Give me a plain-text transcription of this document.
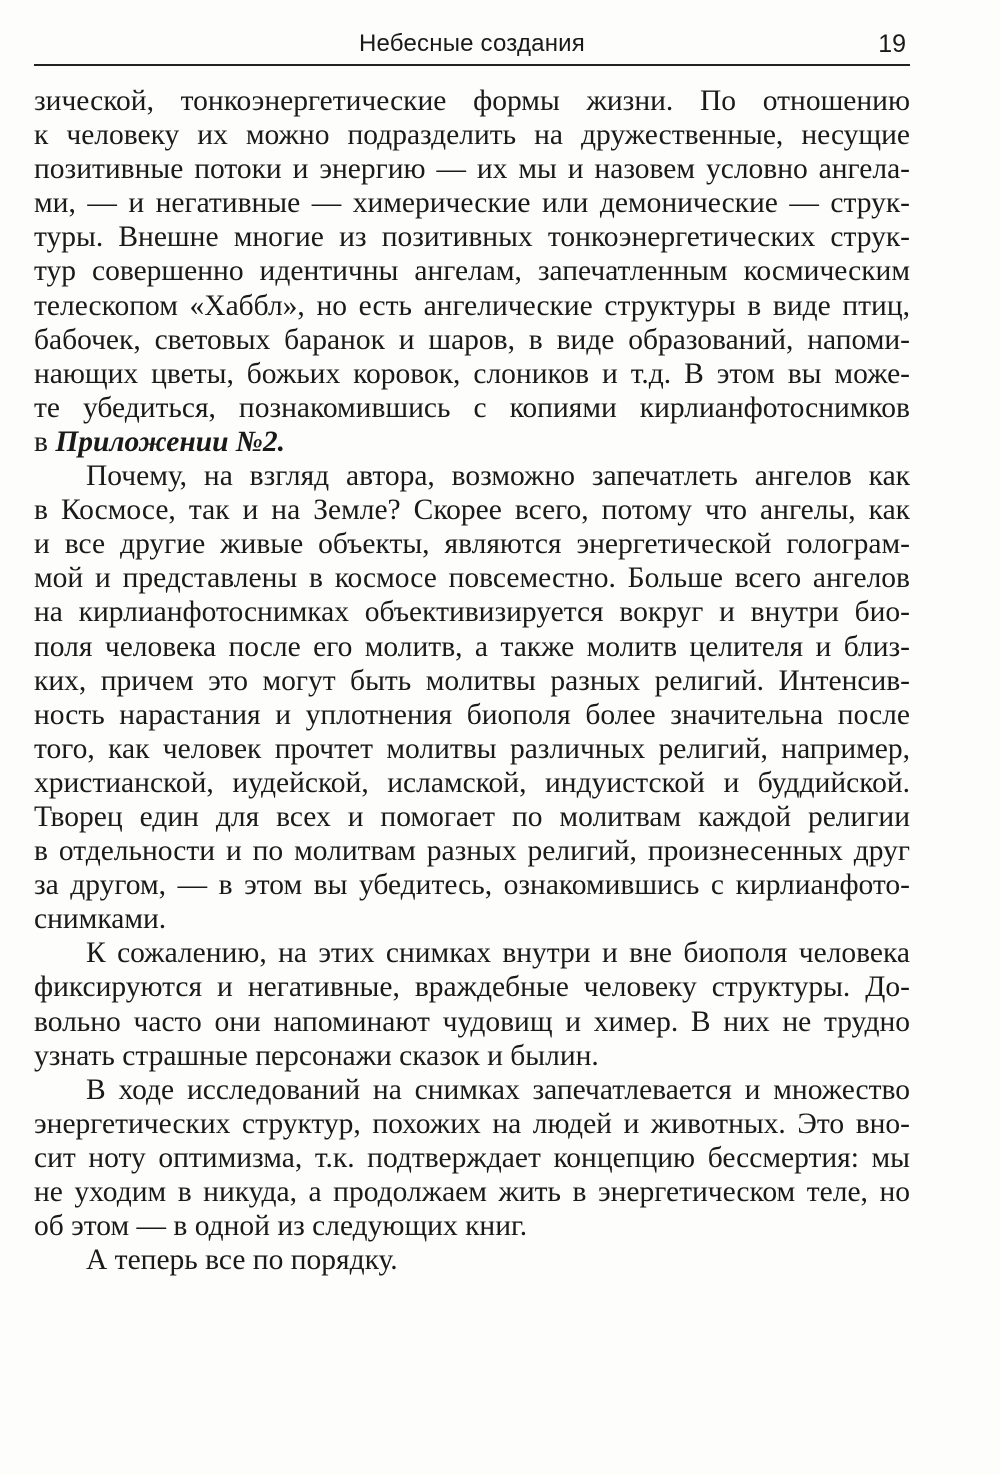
Небесные создания	19
зической, тонкоэнергетические формы жизни. По отношению
к человеку их можно подразделить на дружественные, несущие
позитивные потоки и энергию — их мы и назовем условно ангела-
ми, — и негативные — химерические или демонические — струк-
туры. Внешне многие из позитивных тонкоэнергетических струк-
тур совершенно идентичны ангелам, запечатленным космическим
телескопом «Хаббл», но есть ангелические структуры в виде птиц,
бабочек, световых баранок и шаров, в виде образований, напоми-
нающих цветы, божьих коровок, слоников и т.д. В этом вы може-
те убедиться, познакомившись с копиями кирлианфотоснимков
в Приложении №2.
Почему, на взгляд автора, возможно запечатлеть ангелов как
в Космосе, так и на Земле? Скорее всего, потому что ангелы, как
и все другие живые объекты, являются энергетической голограм-
мой и представлены в космосе повсеместно. Больше всего ангелов
на кирлианфотоснимках объективизируется вокруг и внутри био-
поля человека после его молитв, а также молитв целителя и близ-
ких, причем это могут быть молитвы разных религий. Интенсив-
ность нарастания и уплотнения биополя более значительна после
того, как человек прочтет молитвы различных религий, например,
христианской, иудейской, исламской, индуистской и буддийской.
Творец един для всех и помогает по молитвам каждой религии
в отдельности и по молитвам разных религий, произнесенных друг
за другом, — в этом вы убедитесь, ознакомившись с кирлианфото-
снимками.
К сожалению, на этих снимках внутри и вне биополя человека
фиксируются и негативные, враждебные человеку структуры. До-
вольно часто они напоминают чудовищ и химер. В них не трудно
узнать страшные персонажи сказок и былин.
В ходе исследований на снимках запечатлевается и множество
энергетических структур, похожих на людей и животных. Это вно-
сит ноту оптимизма, т.к. подтверждает концепцию бессмертия: мы
не уходим в никуда, а продолжаем жить в энергетическом теле, но
об этом — в одной из следующих книг.
А теперь все по порядку.
